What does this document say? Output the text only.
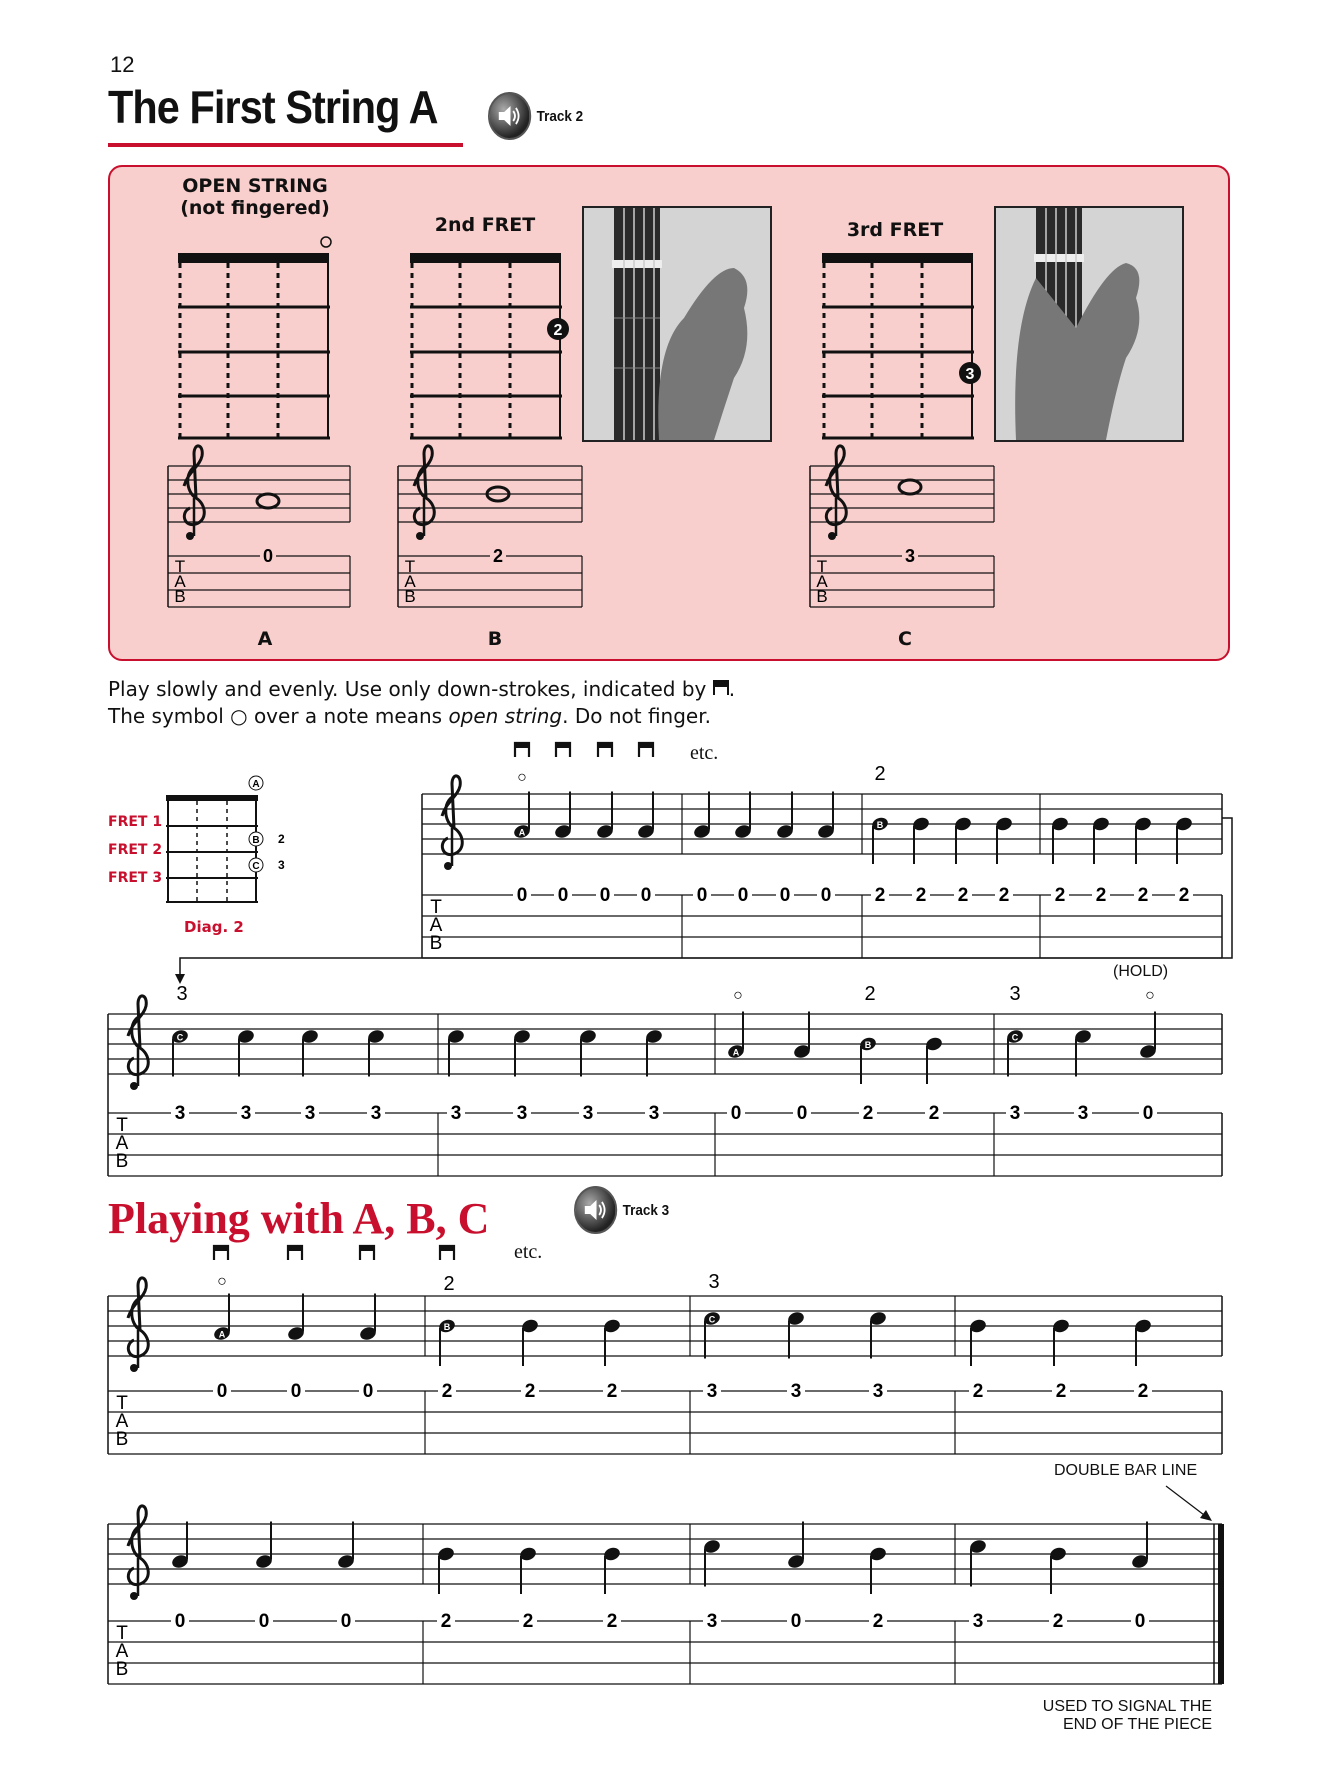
12
The First String A	Track 2
OPEN STRING
(not fingered)
2nd FRET	3rd FRET
2
3
T
A
B
0
T
A
B
2
T
A
B
3
T
A
B
A
0 0 0 0 0 0 0 0
B
2 2 2 2 2 2 2 2
○	2
T
A
B
C
3	3	3	3	3	3	3	3
A
0	0
B
2	2
C
3	3	0
3	○	2	3	○
T
A
B
A
0	0	0
B
2	2	2
C
3	3	3	2	2	2
○	2	3
T
A
B
0	0	0	2	2	2	3	0	2	3	2	0
A	B	C
Play slowly and evenly. Use only down-strokes, indicated by .
The symbol ○ over a note means open string. Do not finger.
FRET 1
FRET 2
FRET 3
A
B
C
2
3
Diag. 2
etc.
(HOLD)
Playing with A, B, C	Track 3
etc.
DOUBLE BAR LINE
USED TO SIGNAL THE
END OF THE PIECE
